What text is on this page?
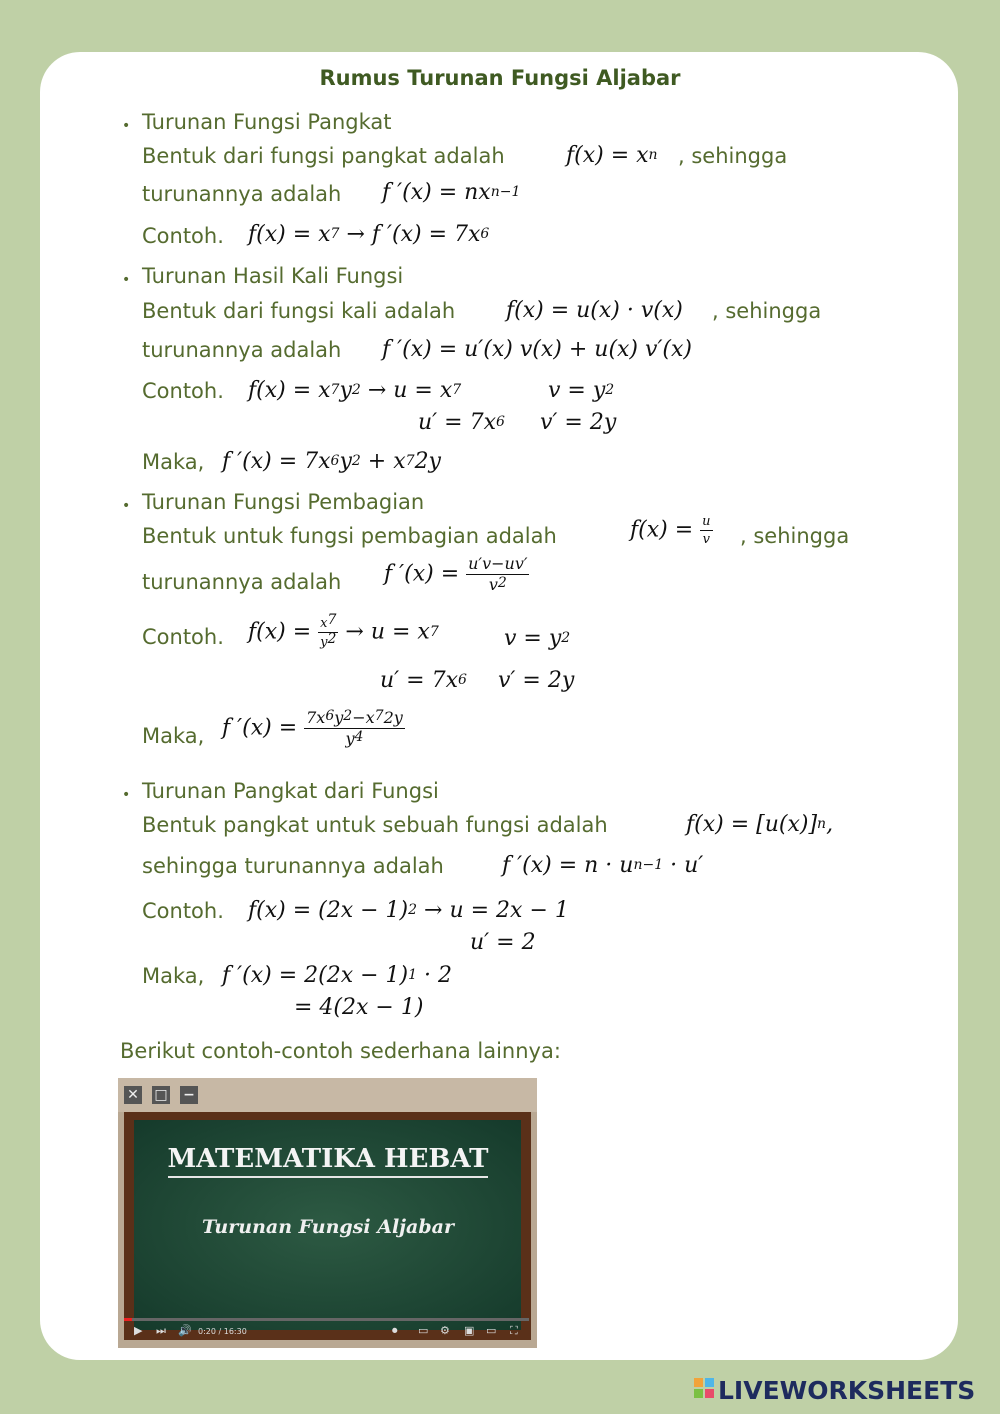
Rumus Turunan Fungsi Aljabar
• Turunan Fungsi Pangkat
Bentuk dari fungsi pangkat adalah	$f(x) = x^n$ , sehingga
turunannya adalah f $'(x) = nx^{n-1}$
Contoh. $f(x) = x^7 \to f$ $'(x) = 7x^6$
• Turunan Hasil Kali Fungsi
Bentuk dari fungsi kali adalah f(x) = u(x) · v(x) , sehingga
turunannya adalah f ′(x) = u′(x) v(x) + u(x) v′(x)
Contoh. $f(x) = x^7y^2 \to u = x^7$	$v = y^2$
$u' = 7x^6$ v′ = 2y
Maka, f $'(x) = 7x^6y^2 + x^72y$
• Turunan Fungsi Pembagian
Bentuk untuk fungsi pembagian adalah	$f(x) = \frac{u}{v}$ , sehingga
turunannya adalah f $'(x) = \frac{u'v-uv'}{v^2}$
Contoh. $f(x) = \frac{x^7}{y^2} \to u = x^7$	$v = y^2$
$u' = 7x^6$ v′ = 2y
Maka, f $'(x) = \frac{7x^6y^2-x^72y}{y^4}$
• Turunan Pangkat dari Fungsi
Bentuk pangkat untuk sebuah fungsi adalah	$f(x) = [u(x)]^n$,
sehingga turunannya adalah	f $'(x) = n \cdot u^{n-1} \cdot u'$
Contoh. $f(x) = (2x - 1)^2 \to u = 2x - 1$
u′ = 2
Maka, f $'(x) = 2(2x - 1)^1 \cdot 2$
= 4(2x − 1)
Berikut contoh-contoh sederhana lainnya:
✕ □ −
MATEMATIKA HEBAT
Turunan Fungsi Aljabar
▶ ⏭ 🔊 0:20 / 16:30	⏺ ▭ ⚙ ▣ ▭ ⛶
LIVEWORKSHEETS
